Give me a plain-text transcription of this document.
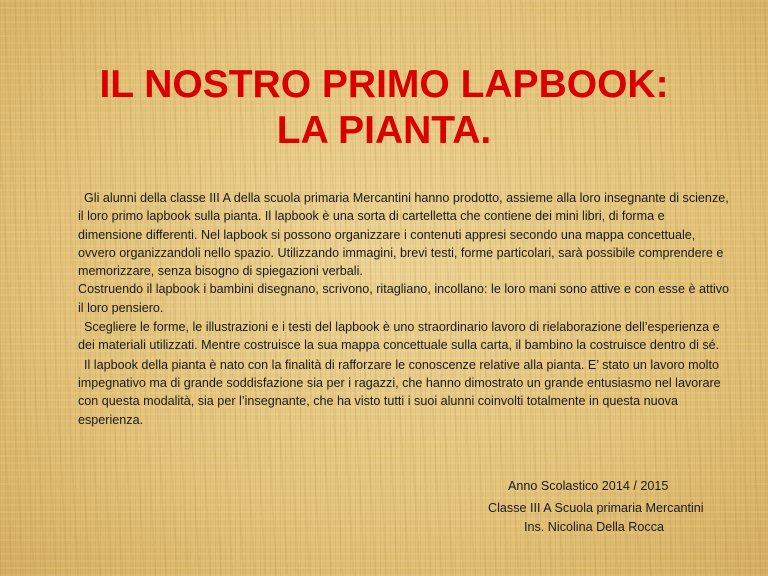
IL NOSTRO PRIMO LAPBOOK:
LA PIANTA.

Gli alunni della classe III A della scuola primaria Mercantini hanno prodotto, assieme alla loro insegnante di scienze, il loro primo lapbook sulla pianta. Il lapbook è una sorta di cartelletta che contiene dei mini libri, di forma e dimensione differenti. Nel lapbook si possono organizzare i contenuti appresi secondo una mappa concettuale, ovvero organizzandoli nello spazio. Utilizzando immagini, brevi testi, forme particolari, sarà possibile comprendere e memorizzare, senza bisogno di spiegazioni verbali.

Costruendo il lapbook i bambini disegnano, scrivono, ritagliano, incollano: le loro mani sono attive e con esse è attivo il loro pensiero.

Scegliere le forme, le illustrazioni e i testi del lapbook è uno straordinario lavoro di rielaborazione dell’esperienza e dei materiali utilizzati. Mentre costruisce la sua mappa concettuale sulla carta, il bambino la costruisce dentro di sé.

Il lapbook della pianta è nato con la finalità di rafforzare le conoscenze relative alla pianta. E’ stato un lavoro molto impegnativo ma di grande soddisfazione sia per i ragazzi, che hanno dimostrato un grande entusiasmo nel lavorare con questa modalità, sia per l’insegnante, che ha visto tutti i suoi alunni coinvolti totalmente in questa nuova esperienza.

Anno Scolastico 2014 / 2015
Classe III A Scuola primaria Mercantini
Ins. Nicolina Della Rocca
